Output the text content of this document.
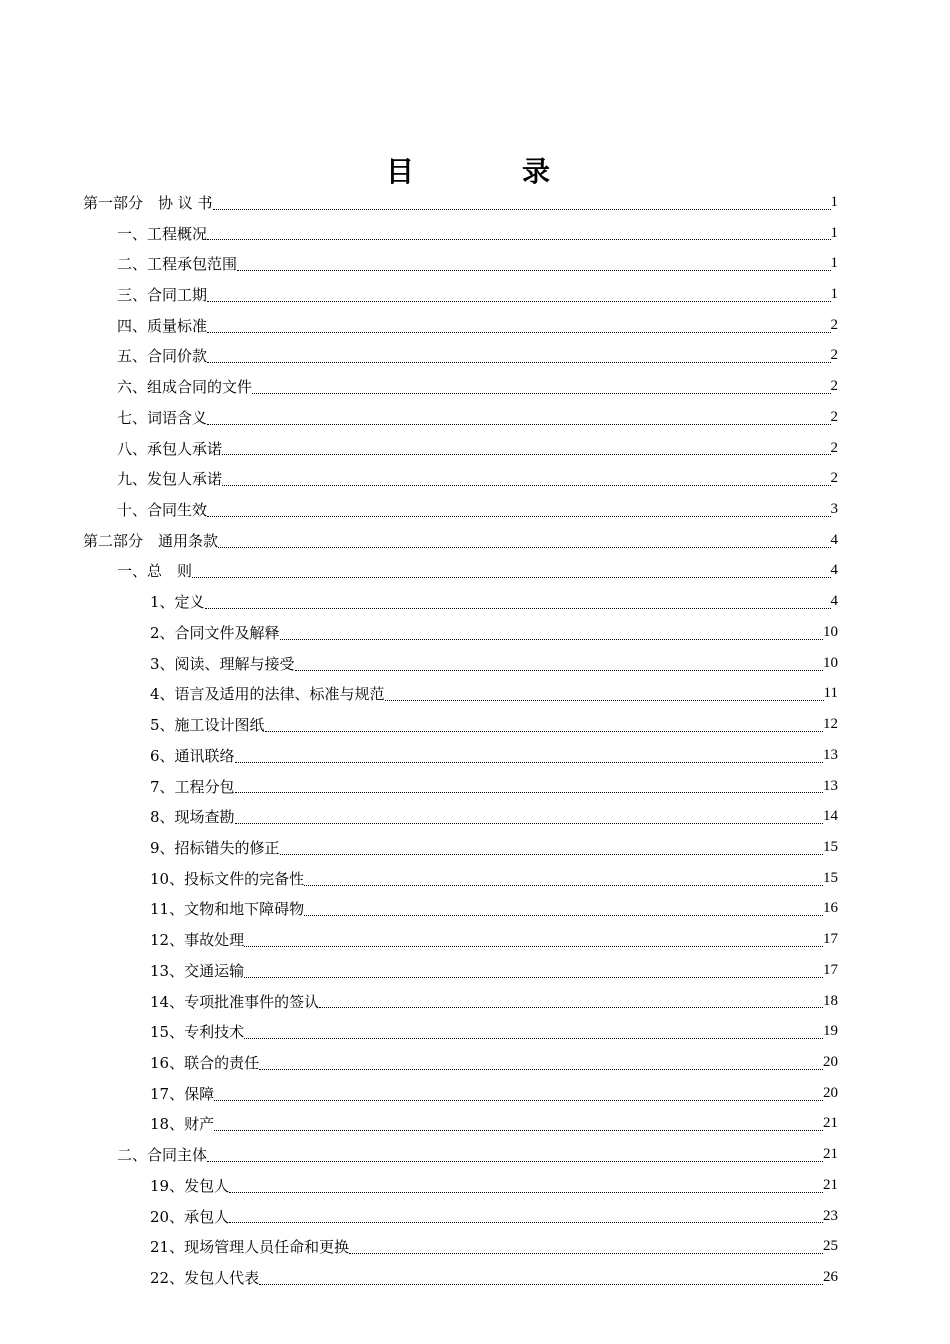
目　录
第一部分　协 议 书	1
一、工程概况	1
二、工程承包范围	1
三、合同工期	1
四、质量标准	2
五、合同价款	2
六、组成合同的文件	2
七、词语含义	2
八、承包人承诺	2
九、发包人承诺	2
十、合同生效	3
第二部分　通用条款	4
一、总　则	4
1、定义	4
2、合同文件及解释	10
3、阅读、理解与接受	10
4、语言及适用的法律、标准与规范	11
5、施工设计图纸	12
6、通讯联络	13
7、工程分包	13
8、现场查勘	14
9、招标错失的修正	15
10、投标文件的完备性	15
11、文物和地下障碍物	16
12、事故处理	17
13、交通运输	17
14、专项批准事件的签认	18
15、专利技术	19
16、联合的责任	20
17、保障	20
18、财产	21
二、合同主体	21
19、发包人	21
20、承包人	23
21、现场管理人员任命和更换	25
22、发包人代表	26
